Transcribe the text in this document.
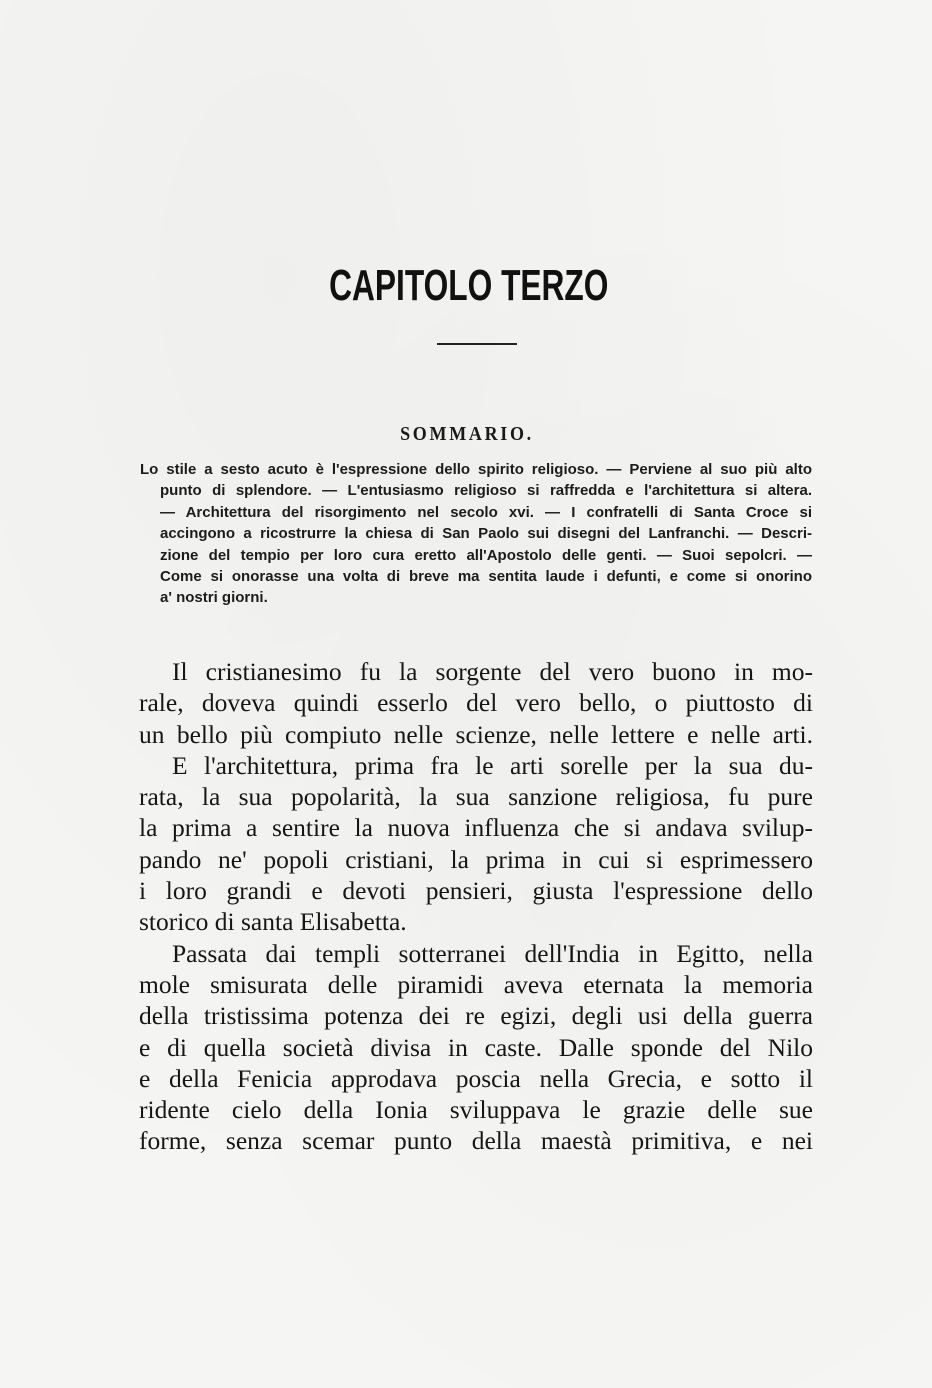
CAPITOLO TERZO
SOMMARIO.
Lo stile a sesto acuto è l'espressione dello spirito religioso. — Perviene al suo più alto
punto di splendore. — L'entusiasmo religioso si raffredda e l'architettura si altera.
— Architettura del risorgimento nel secolo xvi. — I confratelli di Santa Croce si
accingono a ricostrurre la chiesa di San Paolo sui disegni del Lanfranchi. — Descri-
zione del tempio per loro cura eretto all'Apostolo delle genti. — Suoi sepolcri. —
Come si onorasse una volta di breve ma sentita laude i defunti, e come si onorino
a' nostri giorni.
Il cristianesimo fu la sorgente del vero buono in mo-
rale, doveva quindi esserlo del vero bello, o piuttosto di
un bello più compiuto nelle scienze, nelle lettere e nelle arti.
E l'architettura, prima fra le arti sorelle per la sua du-
rata, la sua popolarità, la sua sanzione religiosa, fu pure
la prima a sentire la nuova influenza che si andava svilup-
pando ne' popoli cristiani, la prima in cui si esprimessero
i loro grandi e devoti pensieri, giusta l'espressione dello
storico di santa Elisabetta.
Passata dai templi sotterranei dell'India in Egitto, nella
mole smisurata delle piramidi aveva eternata la memoria
della tristissima potenza dei re egizi, degli usi della guerra
e di quella società divisa in caste. Dalle sponde del Nilo
e della Fenicia approdava poscia nella Grecia, e sotto il
ridente cielo della Ionia sviluppava le grazie delle sue
forme, senza scemar punto della maestà primitiva, e nei
